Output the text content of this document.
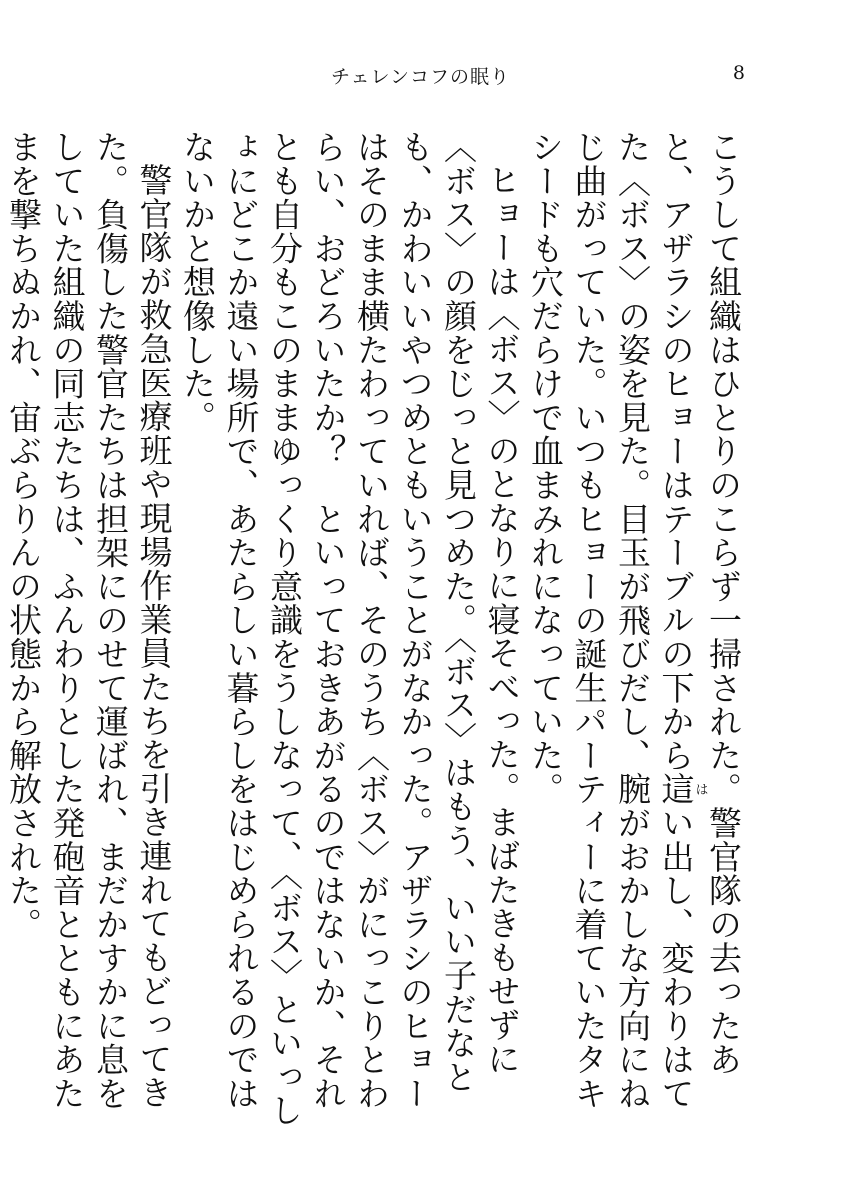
チェレンコフの眠り	8

こうして組織はひとりのこらず一掃された。警官隊の去ったあと、アザラシのヒョーはテーブルの下から這はい出し、変わりはてた〈ボス〉の姿を見た。目玉が飛びだし、腕がおかしな方向にねじ曲がっていた。いつもヒョーの誕生パーティーに着ていたタキシードも穴だらけで血まみれになっていた。

ヒョーは〈ボス〉のとなりに寝そべった。まばたきもせずに〈ボス〉の顔をじっと見つめた。〈ボス〉はもう、いい子だなとも、かわいいやつめともいうことがなかった。アザラシのヒョーはそのまま横たわっていれば、そのうち〈ボス〉がにっこりとわらい、おどろいたか？　といっておきあがるのではないか、それとも自分もこのままゆっくり意識をうしなって、〈ボス〉といっしょにどこか遠い場所で、あたらしい暮らしをはじめられるのではないかと想像した。

警官隊が救急医療班や現場作業員たちを引き連れてもどってきた。負傷した警官たちは担架にのせて運ばれ、まだかすかに息をしていた組織の同志たちは、ふんわりとした発砲音とともにあたまを撃ちぬかれ、宙ぶらりんの状態から解放された。
